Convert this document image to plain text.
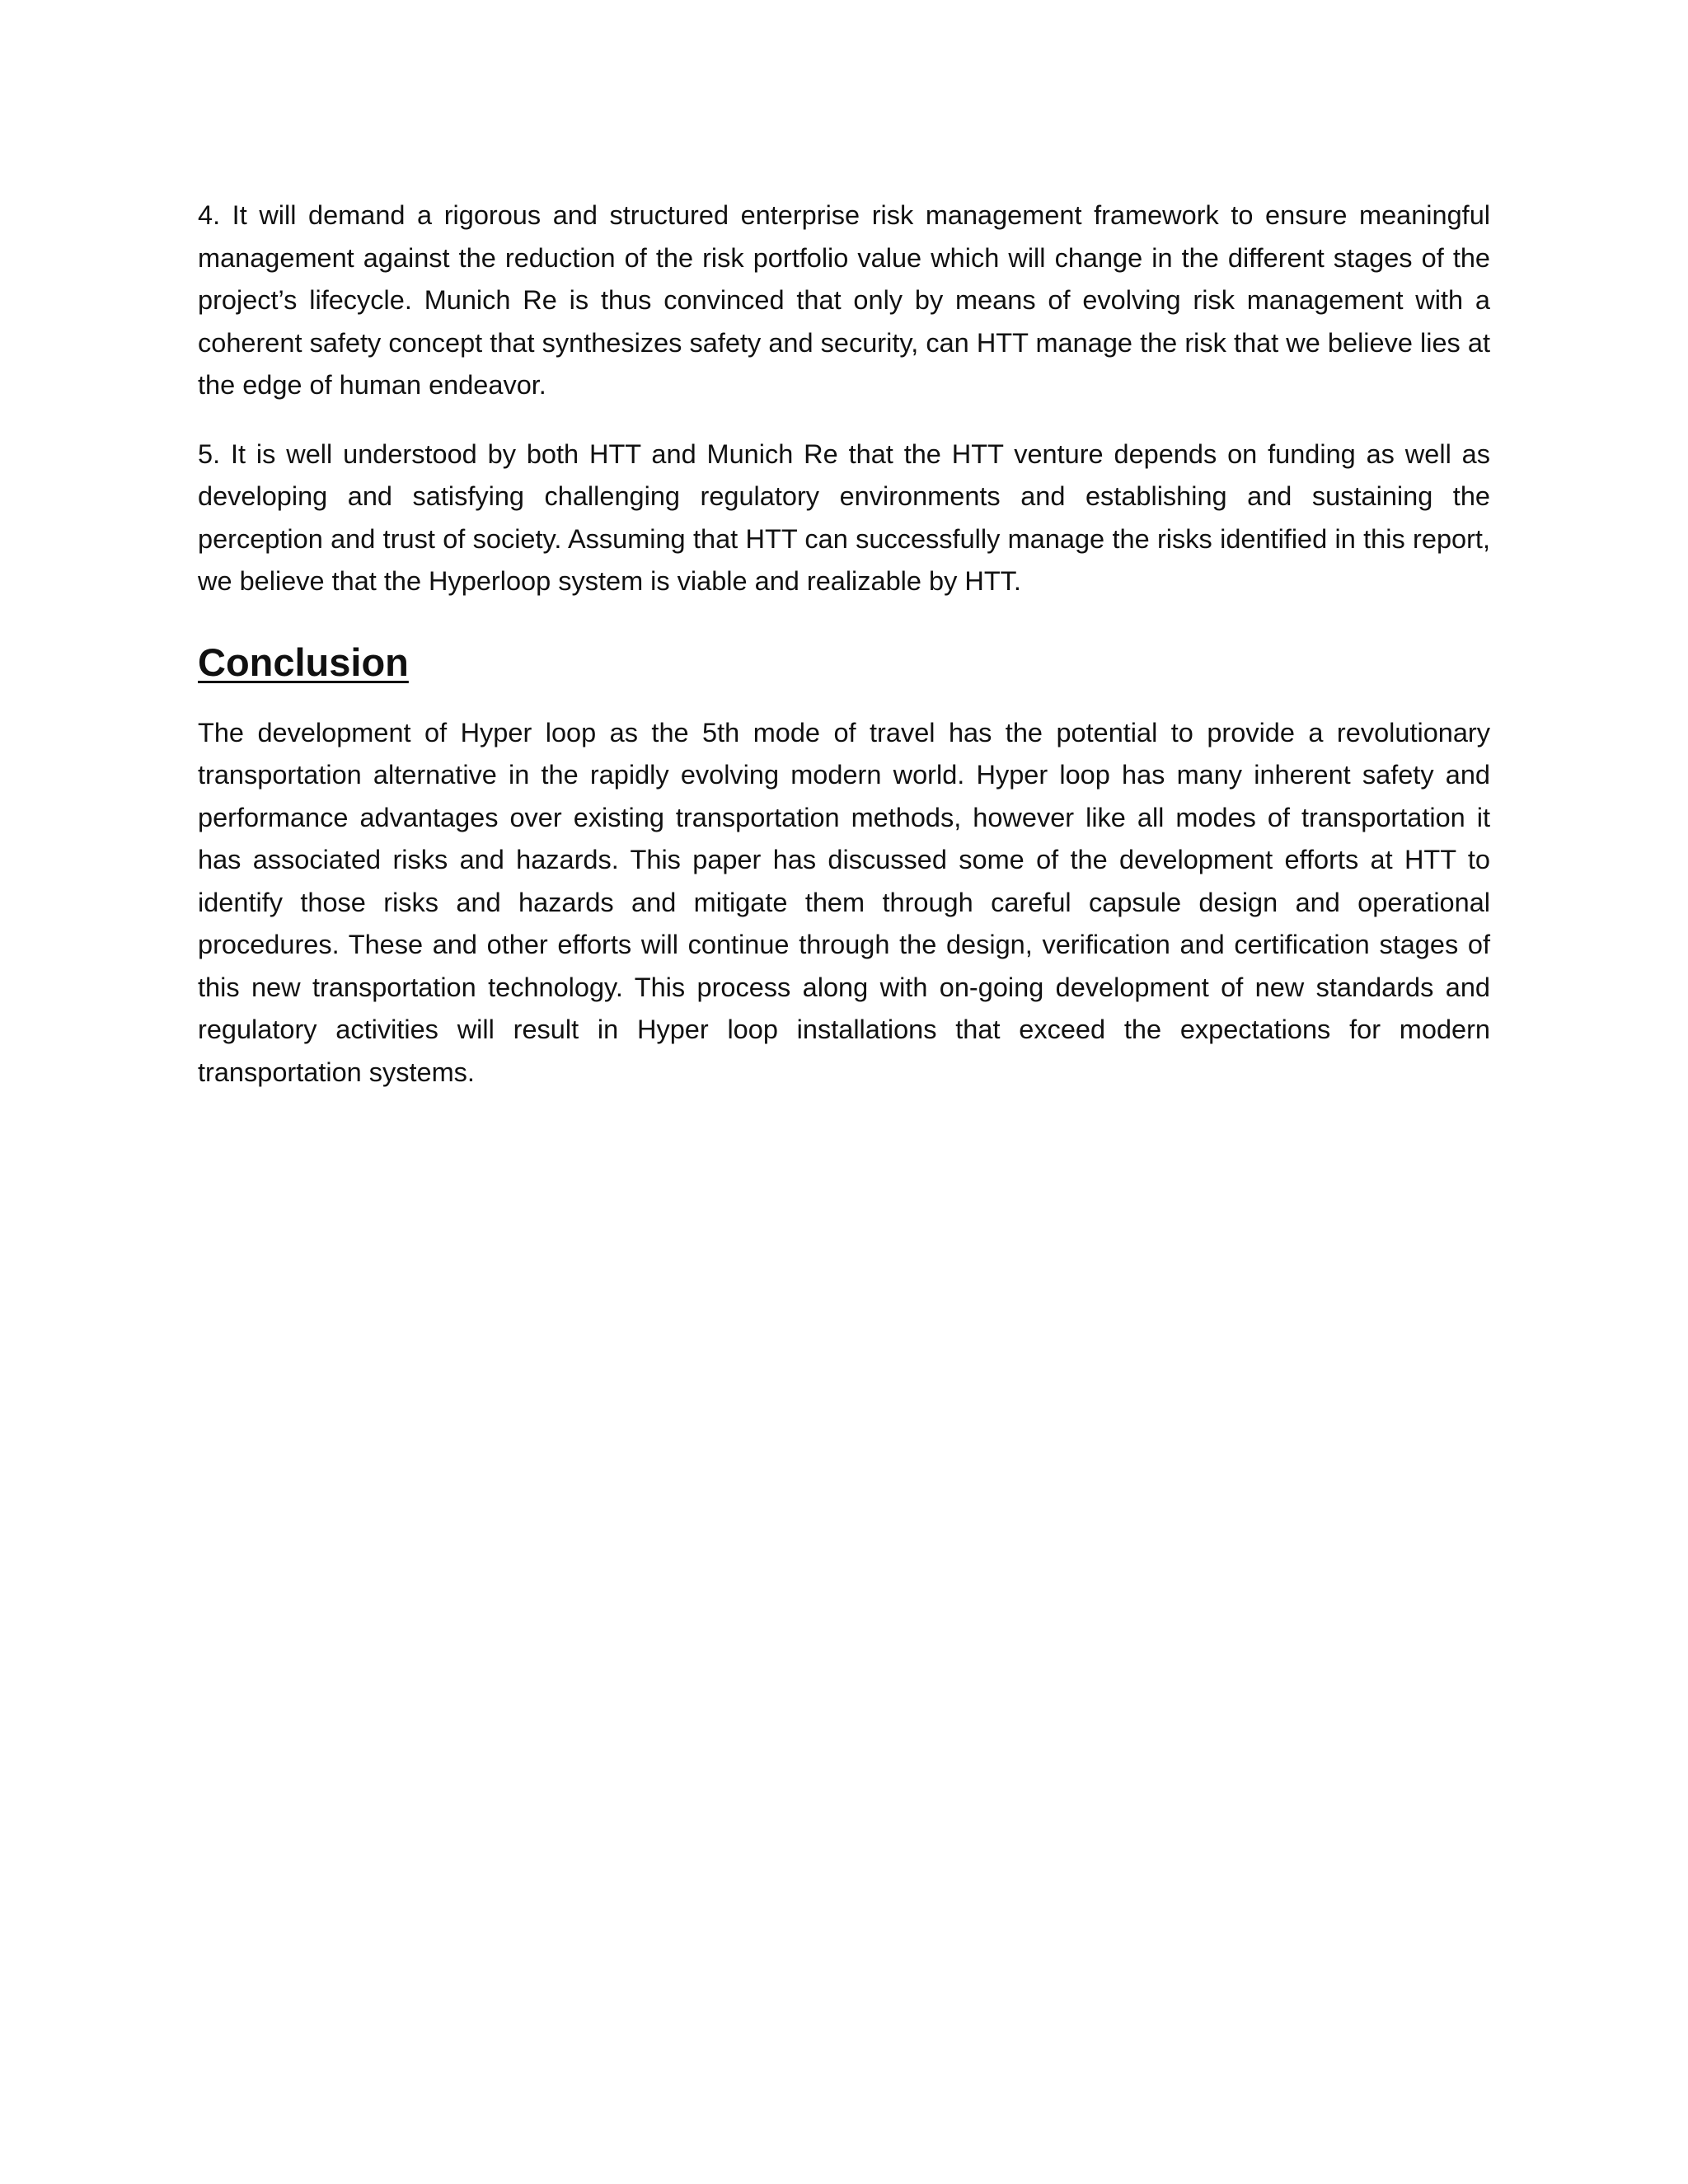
4. It will demand a rigorous and structured enterprise risk management framework to ensure meaningful management against the reduction of the risk portfolio value which will change in the different stages of the project’s lifecycle. Munich Re is thus convinced that only by means of evolving risk management with a coherent safety concept that synthesizes safety and security, can HTT manage the risk that we believe lies at the edge of human endeavor.

5. It is well understood by both HTT and Munich Re that the HTT venture depends on funding as well as developing and satisfying challenging regulatory environments and establishing and sustaining the perception and trust of society. Assuming that HTT can successfully manage the risks identified in this report, we believe that the Hyperloop system is viable and realizable by HTT.

Conclusion

The development of Hyper loop as the 5th mode of travel has the potential to provide a revolutionary transportation alternative in the rapidly evolving modern world. Hyper loop has many inherent safety and performance advantages over existing transportation methods, however like all modes of transportation it has associated risks and hazards. This paper has discussed some of the development efforts at HTT to identify those risks and hazards and mitigate them through careful capsule design and operational procedures. These and other efforts will continue through the design, verification and certification stages of this new transportation technology. This process along with on-going development of new standards and regulatory activities will result in Hyper loop installations that exceed the expectations for modern transportation systems.
